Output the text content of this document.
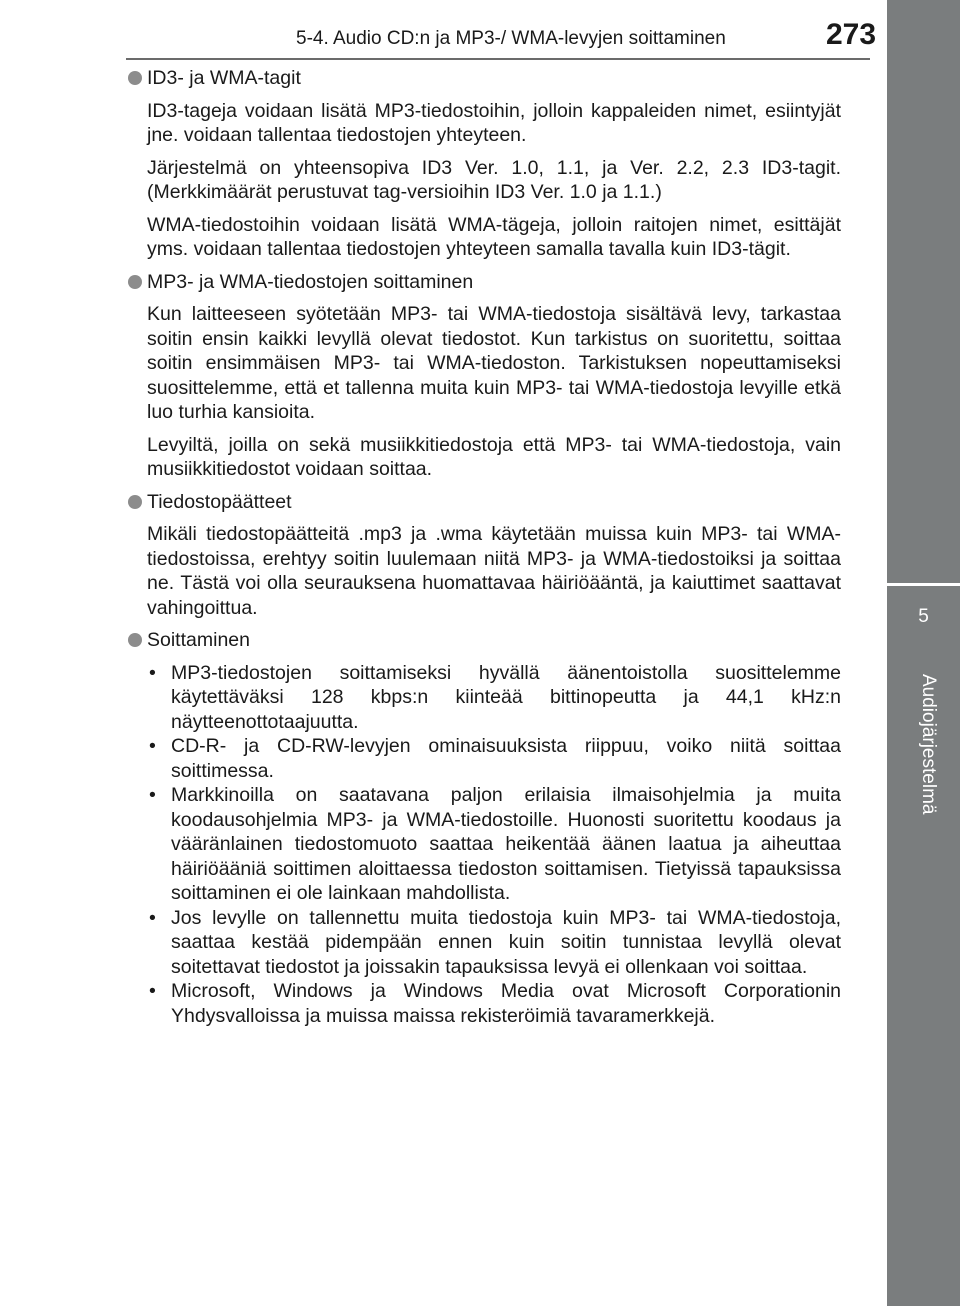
5-4. Audio CD:n ja MP3-/ WMA-levyjen soittaminen	273
5
Audiojärjestelmä
ID3- ja WMA-tagit

ID3-tageja voidaan lisätä MP3-tiedostoihin, jolloin kappaleiden nimet, esiintyjät jne. voidaan tallentaa tiedostojen yhteyteen.

Järjestelmä on yhteensopiva ID3 Ver. 1.0, 1.1, ja Ver. 2.2, 2.3 ID3-tagit. (Merkkimäärät perustuvat tag-versioihin ID3 Ver. 1.0 ja 1.1.)

WMA-tiedostoihin voidaan lisätä WMA-tägeja, jolloin raitojen nimet, esittäjät yms. voidaan tallentaa tiedostojen yhteyteen samalla tavalla kuin ID3-tägit.

MP3- ja WMA-tiedostojen soittaminen

Kun laitteeseen syötetään MP3- tai WMA-tiedostoja sisältävä levy, tarkastaa soitin ensin kaikki levyllä olevat tiedostot. Kun tarkistus on suoritettu, soittaa soitin ensimmäisen MP3- tai WMA-tiedoston. Tarkistuksen nopeuttamiseksi suosittelemme, että et tallenna muita kuin MP3- tai WMA-tiedostoja levyille etkä luo turhia kansioita.

Levyiltä, joilla on sekä musiikkitiedostoja että MP3- tai WMA-tiedostoja, vain musiikkitiedostot voidaan soittaa.

Tiedostopäätteet

Mikäli tiedostopäätteitä .mp3 ja .wma käytetään muissa kuin MP3- tai WMA-tiedostoissa, erehtyy soitin luulemaan niitä MP3- ja WMA-tiedostoiksi ja soittaa ne. Tästä voi olla seurauksena huomattavaa häiriöääntä, ja kaiuttimet saattavat vahingoittua.

Soittaminen
• MP3-tiedostojen soittamiseksi hyvällä äänentoistolla suosittelemme käytettäväksi 128 kbps:n kiinteää bittinopeutta ja 44,1 kHz:n näytteenottotaajuutta.
• CD-R- ja CD-RW-levyjen ominaisuuksista riippuu, voiko niitä soittaa soittimessa.
• Markkinoilla on saatavana paljon erilaisia ilmaisohjelmia ja muita koodausohjelmia MP3- ja WMA-tiedostoille. Huonosti suoritettu koodaus ja vääränlainen tiedostomuoto saattaa heikentää äänen laatua ja aiheuttaa häiriöääniä soittimen aloittaessa tiedoston soittamisen. Tietyissä tapauksissa soittaminen ei ole lainkaan mahdollista.
• Jos levylle on tallennettu muita tiedostoja kuin MP3- tai WMA-tiedostoja, saattaa kestää pidempään ennen kuin soitin tunnistaa levyllä olevat soitettavat tiedostot ja joissakin tapauksissa levyä ei ollenkaan voi soittaa.
• Microsoft, Windows ja Windows Media ovat Microsoft Corporationin Yhdysvalloissa ja muissa maissa rekisteröimiä tavaramerkkejä.
